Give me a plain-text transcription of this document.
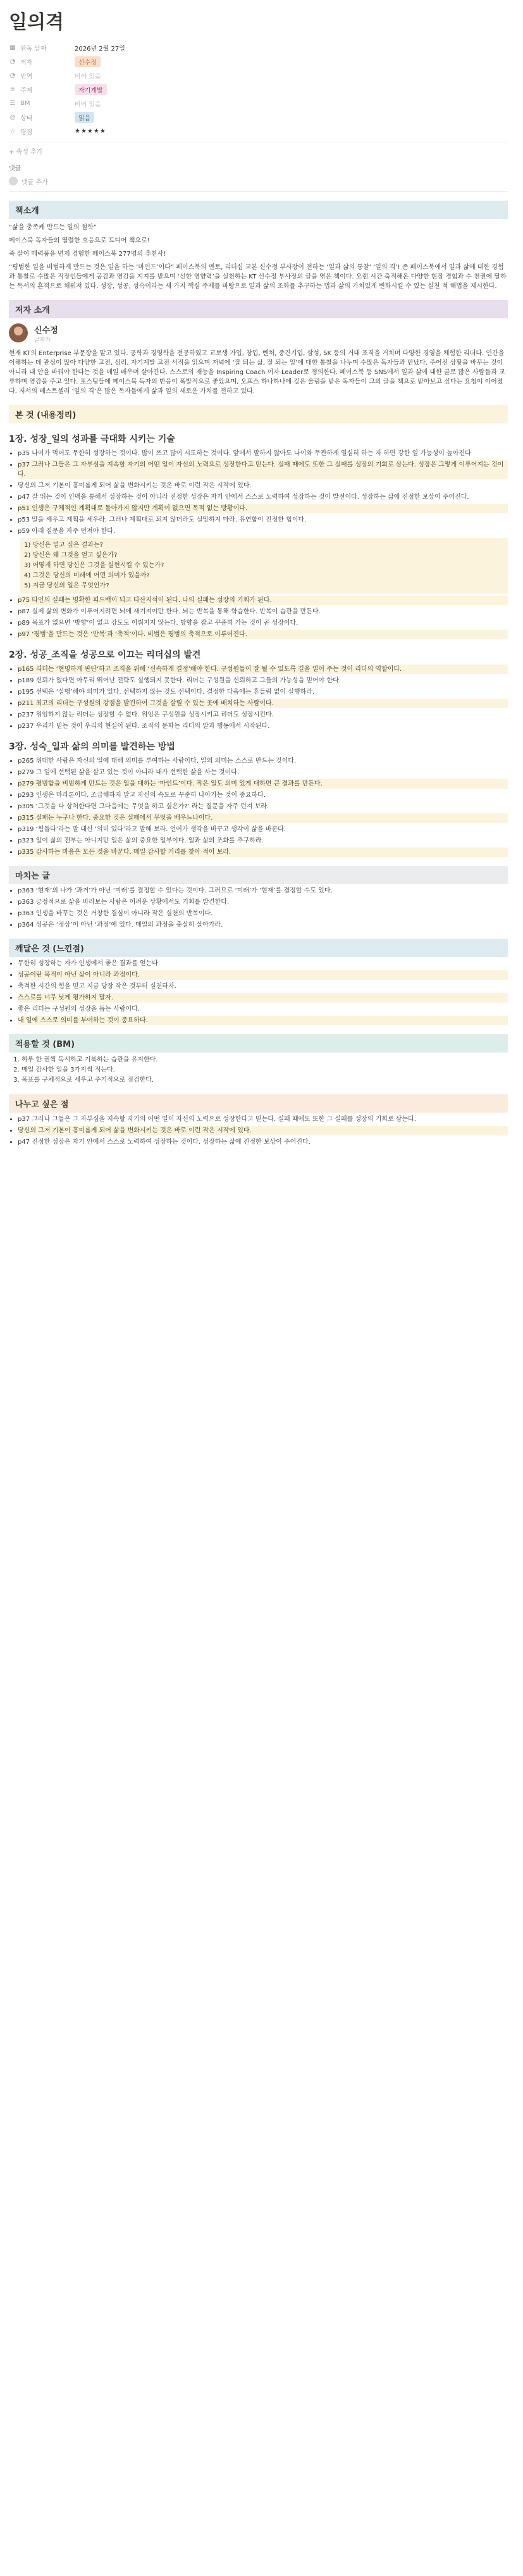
일의격
▦ 완독 날짜	2026년 2월 27일
◔ 저자	신수정
◔ 번역	비어 있음
≡ 주제	자기계발
☰ BM	비어 있음
◎ 상태	읽음
☆ 평점	★★★★★
+ 속성 추가
댓글
댓글 추가
책소개
“삶을 충족케 만드는 일의 철학”
페이스북 독자들의 열렬한 호응으로 드디어 책으로!
죽 살이 매력품을 면제 경험한 페이스북 277명의 추천사!
“평범한 일을 비범하게 만드는 것은 일을 하는 ‘마인드’이다” 페이스북의 멘토, 리더십 교본 신수정 부사장이 전하는 ‘일과 삶의 통찰’ ‘일의 격’! 존 페이스북에서 일과 삶에 대한 경험과 통찰로 수많은 직장인들에게 공감과 영감을 지지를 받으며 ‘선한 영향력’을 실천하는 KT 신수정 부사장의 글을 엮은 책이다. 오랜 시간 축적해온 다양한 현장 경험과 수 천권에 달하는 독서의 흔적으로 채워져 있다. 성장, 성공, 성숙이라는 세 가지 핵심 주제를 바탕으로 일과 삶의 조화를 추구하는 법과 삶의 가치있게 변화시킬 수 있는 실천 적 해법을 제시한다.
저자 소개
신수정
글작가
현재 KT의 Enterprise 부문장을 맡고 있다. 공학과 경영학을 전공하였고 교보생 가입, 창업, 벤처, 중견기업, 삼성, SK 등의 거대 조직을 거치며 다양한 경영을 체험한 리더다. 인간을 이해하는 데 관심이 많아 다양한 고전, 심리, 자기계발 고전 서적을 읽으며 저녁에 ‘잘 되는 삶, 잘 되는 일’에 대한 통찰을 나누며 수많은 독자들과 만났다. 주어진 상황을 바꾸는 것이 아니라 내 안을 바꿔야 한다는 것을 매일 배우며 살아간다. 스스로의 재능을 Inspiring Coach 이자 Leader로 정의한다. 페이스북 등 SNS에서 일과 삶에 대한 글로 많은 사람들과 교류하며 영감을 주고 있다. 포스팅들에 페이스북 독자의 반응이 폭발적으로 좋았으며, 오프스 하나하나에 깊은 울림을 받은 독자들이 그의 글을 책으로 받아보고 싶다는 요청이 이어졌다. 저서의 베스트셀러 ‘일의 격’은 많은 독자들에게 삶과 일의 새로운 가치를 전하고 있다.
본 것 (내용정리)
1장. 성장_일의 성과를 극대화 시키는 기술
• p35 나이가 먹어도 무한히 성장하는 것이다. 많이 쓰고 많이 시도하는 것이다. 앞에서 말하지 않아도 나이와 무관하게 열심히 하는 자 하면 강한 일 가능성이 높아진다
• p37 그러나 그들은 그 자부심을 지속할 자기의 어떤 일이 자신의 노력으로 성장한다고 믿는다. 실패 때에도 또한 그 실패를 성장의 기회로 삼는다. 성장은 그렇게 이루어지는 것이다.
• 당신의 그저 기본이 흥미롭게 되어 삶을 변화시키는 것은 바로 이런 작은 시작에 있다.
• p47 잘 뛰는 것이 인맥을 통해서 성장하는 것이 아니라 진정한 성장은 자기 안에서 스스로 노력하여 성장하는 것이 발전이다. 성장하는 삶에 진정한 보상이 주어진다.
• p51 인생은 구체적인 계획대로 돌아가지 않지만 계획이 없으면 목적 없는 방황이다.
• p53 말을 세우고 계획을 세우라. 그러나 계획대로 되지 않더라도 실망하지 마라. 유연함이 진정한 힘이다.
• p59 아래 질문을 자주 던져야 한다.
1) 당신은 얼고 싶은 결과는?
2) 당신은 왜 그것을 얻고 싶은가?
3) 어떻게 하면 당신은 그것을 실현시킬 수 있는가?
4) 그것은 당신의 미래에 어떤 의미가 있을까?
5) 지금 당신의 일은 무엇인가?
• p75 타인의 실패는 명확한 피드백이 되고 타산지석이 된다. 나의 실패는 성장의 기회가 된다.
• p87 실제 삶의 변화가 이루어지려면 뇌에 새겨져야만 한다. 뇌는 반복을 통해 학습한다. 반복이 습관을 만든다.
• p89 목표가 없으면 ‘방향’이 없고 강도도 이뤄지지 않는다. 방향을 잡고 꾸준히 가는 것이 곧 성장이다.
• p97 ‘평범’을 만드는 것은 ‘반복’과 ‘축적’이다. 비범은 평범의 축적으로 이루어진다.
2장. 성공_조직을 성공으로 이끄는 리더십의 발견
• p165 리더는 ‘현명하게 판단’하고 조직을 위해 ‘신속하게 결정’해야 한다. 구성원들이 잘 될 수 있도록 길을 열어 주는 것이 리더의 역할이다.
• p189 신뢰가 없다면 아무리 뛰어난 전략도 실행되지 못한다. 리더는 구성원을 신뢰하고 그들의 가능성을 믿어야 한다.
• p195 선택은 ‘실행’해야 의미가 있다. 선택하지 않는 것도 선택이다. 결정한 다음에는 흔들림 없이 실행하라.
• p211 최고의 리더는 구성원의 강점을 발견하여 그것을 살릴 수 있는 곳에 배치하는 사람이다.
• p237 위임하지 않는 리더는 성장할 수 없다. 위임은 구성원을 성장시키고 리더도 성장시킨다.
• p237 우리가 믿는 것이 우리의 현실이 된다. 조직의 문화는 리더의 말과 행동에서 시작된다.
3장. 성숙_일과 삶의 의미를 발견하는 방법
• p265 위대한 사람은 자신의 일에 대해 의미를 부여하는 사람이다. 일의 의미는 스스로 만드는 것이다.
• p279 그 일에 선택된 삶을 살고 있는 것이 아니라 내가 선택한 삶을 사는 것이다.
• p279 평범함을 비범하게 만드는 것은 일을 대하는 ‘마인드’이다. 작은 일도 의미 있게 대하면 큰 결과를 만든다.
• p293 인생은 마라톤이다. 조급해하지 말고 자신의 속도로 꾸준히 나아가는 것이 중요하다.
• p305 ‘그것을 다 상처한다면 그다음에는 무엇을 하고 싶은가?’ 라는 질문을 자주 던져 보라.
• p315 실패는 누구나 한다. 중요한 것은 실패에서 무엇을 배우느냐이다.
• p319 ‘힘들다’라는 말 대신 ‘의미 있다’라고 말해 보라. 언어가 생각을 바꾸고 생각이 삶을 바꾼다.
• p323 일이 삶의 전부는 아니지만 일은 삶의 중요한 일부이다. 일과 삶의 조화를 추구하라.
• p335 감사하는 마음은 모든 것을 바꾼다. 매일 감사할 거리를 찾아 적어 보라.
마치는 글
• p363 ‘현재’의 나가 ‘과거’가 아닌 ‘미래’를 결정할 수 있다는 것이다. 그러므로 ‘미래’가 ‘현재’를 결정할 수도 있다.
• p363 긍정적으로 삶을 바라보는 사람은 어려운 상황에서도 기회를 발견한다.
• p363 인생을 바꾸는 것은 거창한 결심이 아니라 작은 실천의 반복이다.
• p364 성공은 ‘정상’이 아닌 ‘과정’에 있다. 매일의 과정을 충실히 살아가라.
깨달은 것 (느낀점)
• 무한히 성장하는 자가 인생에서 좋은 결과를 얻는다.
• 성공이란 목적이 아닌 삶이 아니라 과정이다.
• 축적한 시간의 힘을 믿고 지금 당장 작은 것부터 실천하자.
• 스스로를 너무 낮게 평가하지 말자.
• 좋은 리더는 구성원의 성장을 돕는 사람이다.
• 내 일에 스스로 의미를 부여하는 것이 중요하다.
적용할 것 (BM)
1. 하루 한 권씩 독서하고 기록하는 습관을 유지한다.
2. 매일 감사한 일을 3가지씩 적는다.
3. 목표를 구체적으로 세우고 주기적으로 점검한다.
나누고 싶은 점
• p37 그러나 그들은 그 자부심을 지속할 자기의 어떤 일이 자신의 노력으로 성장한다고 믿는다. 실패 때에도 또한 그 실패를 성장의 기회로 삼는다.
• 당신의 그저 기본이 흥미롭게 되어 삶을 변화시키는 것은 바로 이런 작은 시작에 있다.
• p47 진정한 성장은 자기 안에서 스스로 노력하여 성장하는 것이다. 성장하는 삶에 진정한 보상이 주어진다.
